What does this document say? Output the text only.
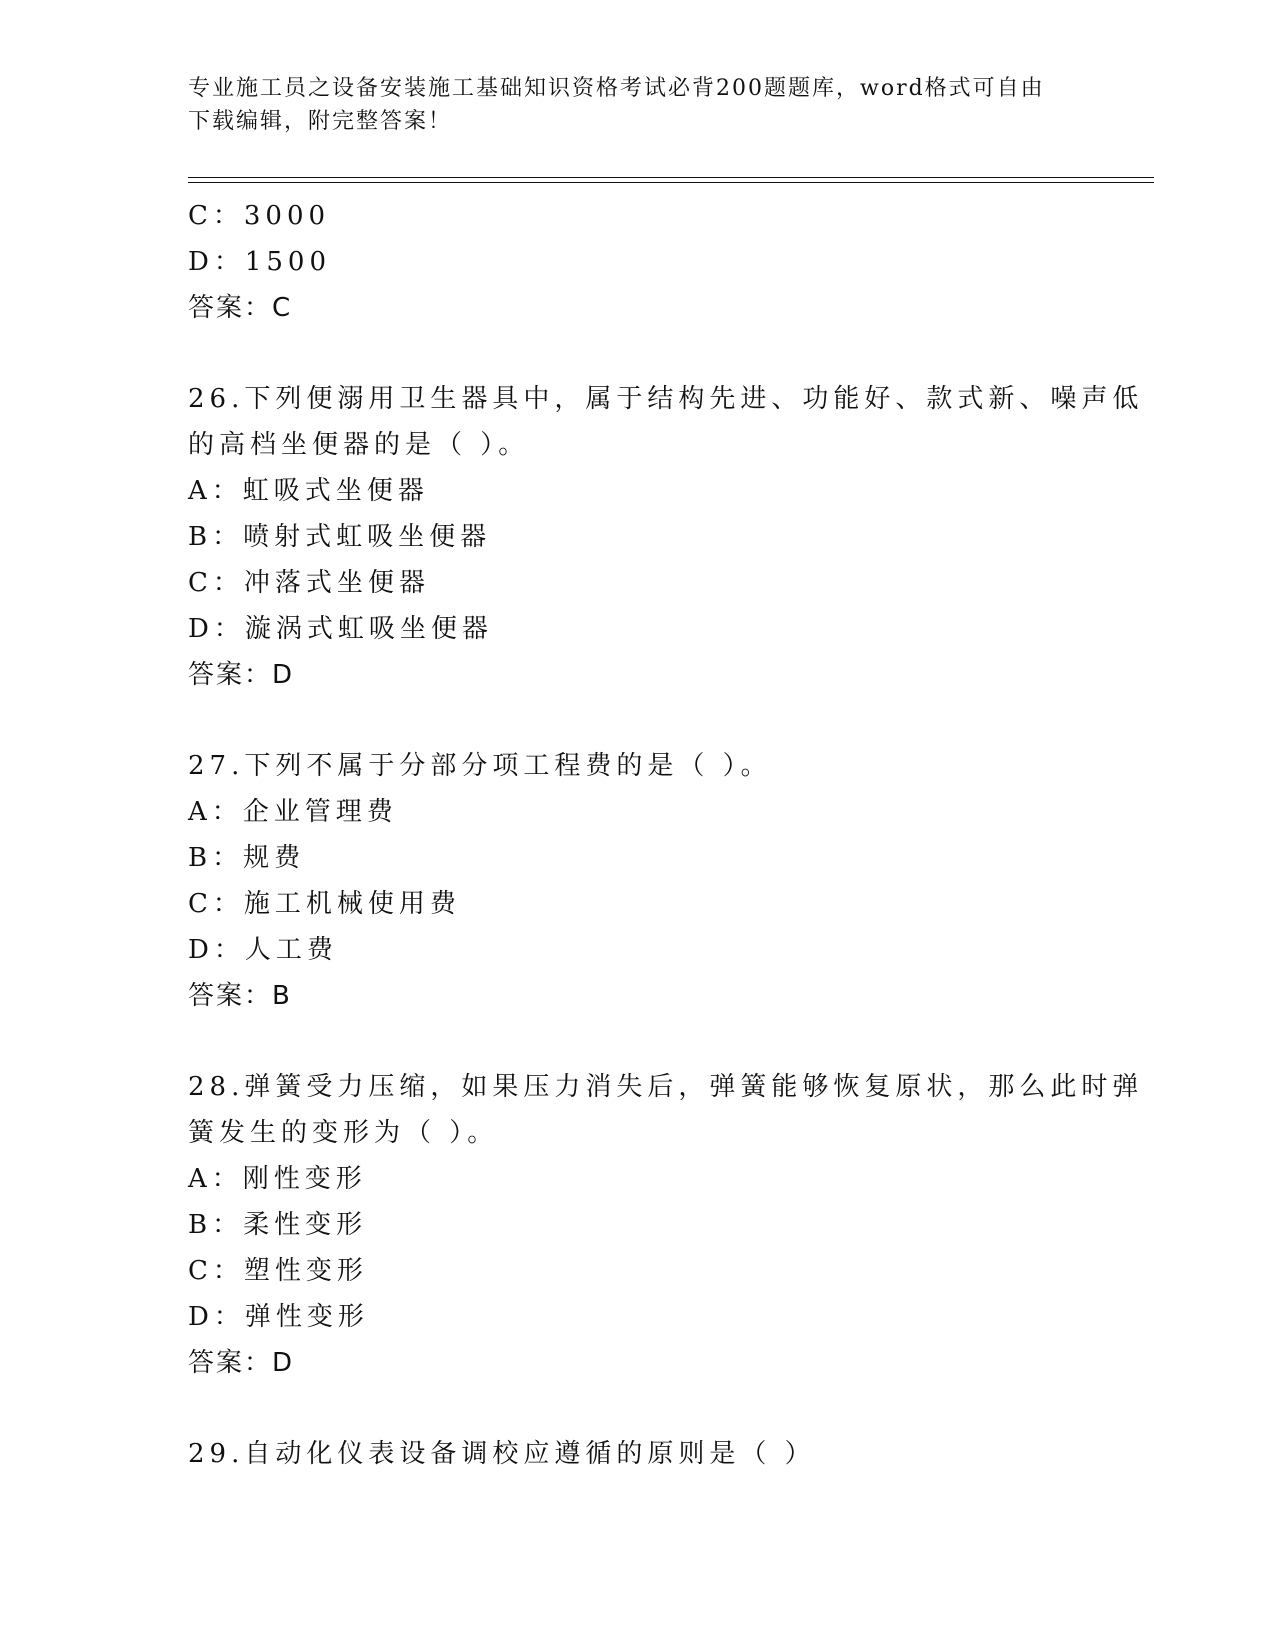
专业施工员之设备安装施工基础知识资格考试必背200题题库，word格式可自由
下载编辑，附完整答案！
C：3000
D：1500
答案：C
26.下列便溺用卫生器具中，属于结构先进、功能好、款式新、噪声低
的高档坐便器的是（ ）。
A：虹吸式坐便器
B：喷射式虹吸坐便器
C：冲落式坐便器
D：漩涡式虹吸坐便器
答案：D
27.下列不属于分部分项工程费的是（ ）。
A：企业管理费
B：规费
C：施工机械使用费
D：人工费
答案：B
28.弹簧受力压缩，如果压力消失后，弹簧能够恢复原状，那么此时弹
簧发生的变形为（ ）。
A：刚性变形
B：柔性变形
C：塑性变形
D：弹性变形
答案：D
29.自动化仪表设备调校应遵循的原则是（ ）
